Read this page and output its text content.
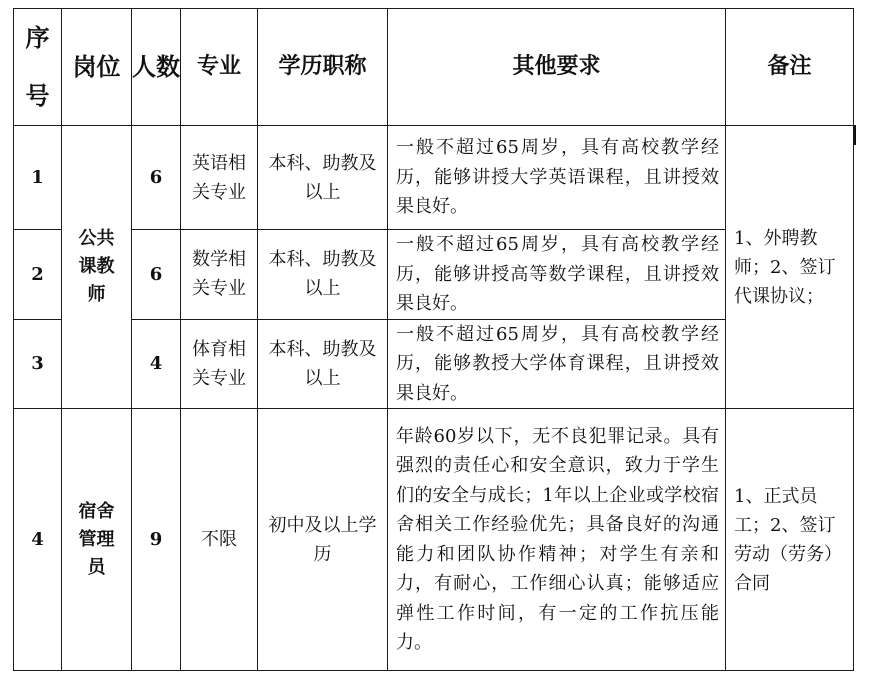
序号	岗位	人数	专业	学历职称	其他要求	备注
1	公共课教师	6	英语相关专业	本科、助教及以上	一般不超过65周岁，具有高校教学经历，能够讲授大学英语课程，且讲授效果良好。	1、外聘教师；2、签订代课协议；
2		6	数学相关专业	本科、助教及以上	一般不超过65周岁，具有高校教学经历，能够讲授高等数学课程，且讲授效果良好。	
3		4	体育相关专业	本科、助教及以上	一般不超过65周岁，具有高校教学经历，能够教授大学体育课程，且讲授效果良好。	
4	宿舍管理员	9	不限	初中及以上学历	年龄60岁以下，无不良犯罪记录。具有强烈的责任心和安全意识，致力于学生们的安全与成长；1年以上企业或学校宿舍相关工作经验优先；具备良好的沟通能力和团队协作精神；对学生有亲和力，有耐心，工作细心认真；能够适应弹性工作时间，有一定的工作抗压能力。	1、正式员工；2、签订劳动（劳务）合同
